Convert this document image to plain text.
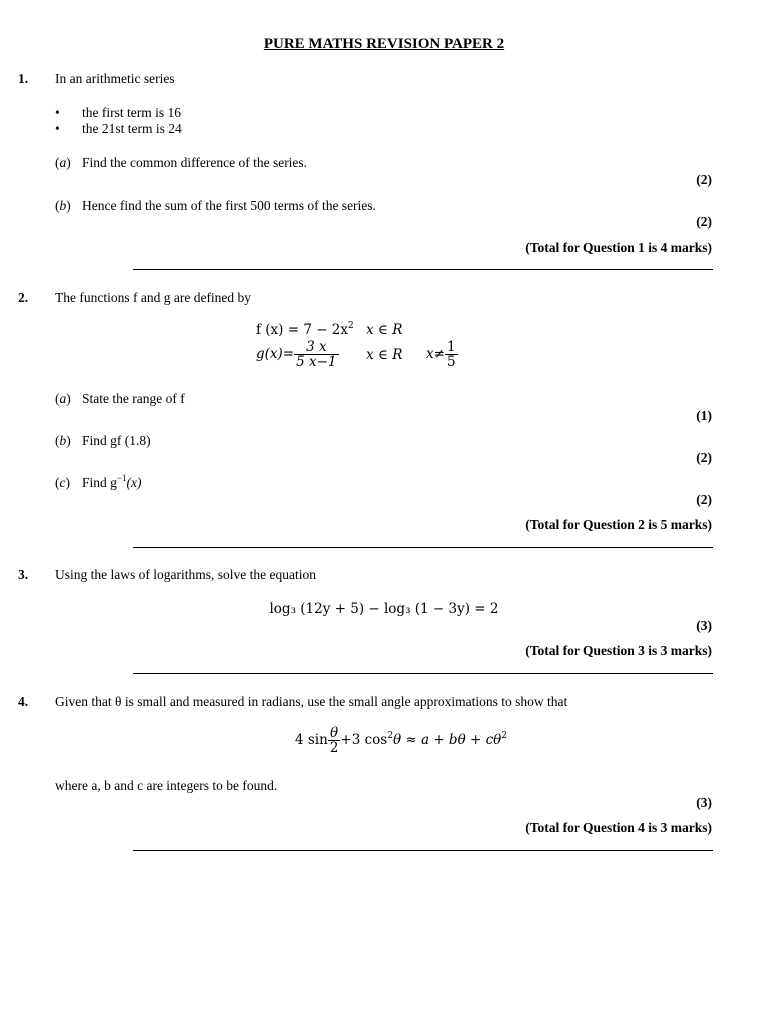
PURE MATHS REVISION PAPER 2
1. In an arithmetic series
• the first term is 16
• the 21st term is 24
(a) Find the common difference of the series.
(2)
(b) Hence find the sum of the first 500 terms of the series.
(2)
(Total for Question 1 is 4 marks)
2. The functions f and g are defined by
f $(x) = 7 - 2x^2$ x ∈ R
$g(x)= \frac{3 x}{5 x-1}$ x ∈ R $x\ne \frac{1}{5}$
(a) State the range of f
(1)
(b) Find gf (1.8)
(2)
(c) Find $g^{-1}(x)$
(2)
(Total for Question 2 is 5 marks)
3. Using the laws of logarithms, solve the equation
log₃ (12y + 5) − log₃ (1 − 3y) = 2
(3)
(Total for Question 3 is 3 marks)
4. Given that θ is small and measured in radians, use the small angle approximations to show that
4 $\sin \frac{\theta}{2} +3$ $\cos^2\theta \approx a + b\theta + c\theta^2$
where a, b and c are integers to be found.
(3)
(Total for Question 4 is 3 marks)
